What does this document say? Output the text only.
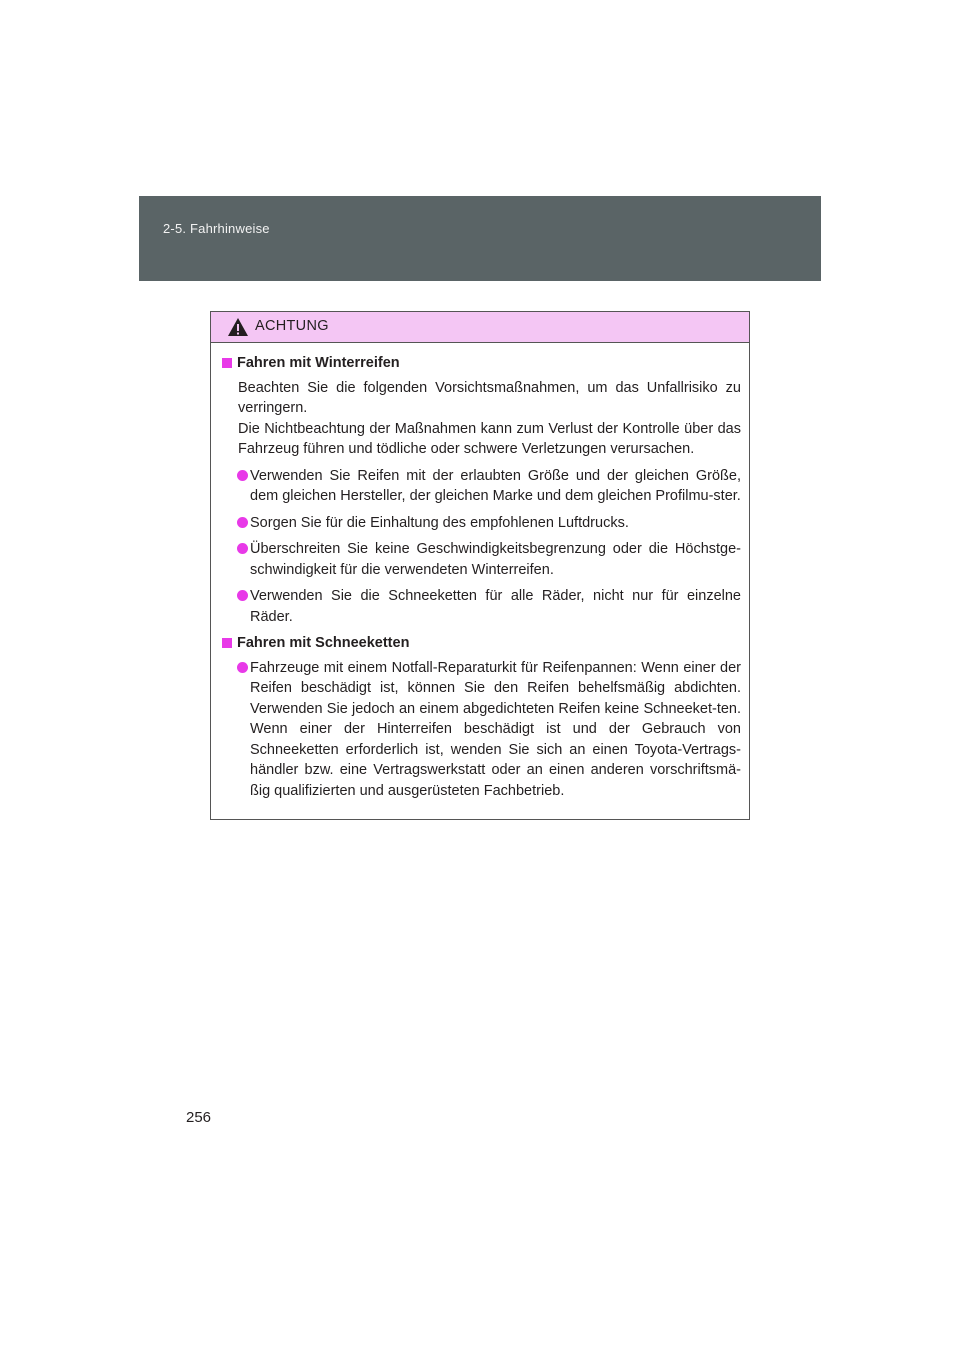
2-5. Fahrhinweise
ACHTUNG
Fahren mit Winterreifen
Beachten Sie die folgenden Vorsichtsmaßnahmen, um das Unfallrisiko zu verringern.
Die Nichtbeachtung der Maßnahmen kann zum Verlust der Kontrolle über das Fahrzeug führen und tödliche oder schwere Verletzungen verursachen.
Verwenden Sie Reifen mit der erlaubten Größe und der gleichen Größe, dem gleichen Hersteller, der gleichen Marke und dem gleichen Profilmu-ster.
Sorgen Sie für die Einhaltung des empfohlenen Luftdrucks.
Überschreiten Sie keine Geschwindigkeitsbegrenzung oder die Höchstge-schwindigkeit für die verwendeten Winterreifen.
Verwenden Sie die Schneeketten für alle Räder, nicht nur für einzelne Räder.
Fahren mit Schneeketten
Fahrzeuge mit einem Notfall-Reparaturkit für Reifenpannen: Wenn einer der Reifen beschädigt ist, können Sie den Reifen behelfsmäßig abdichten. Verwenden Sie jedoch an einem abgedichteten Reifen keine Schneeket-ten. Wenn einer der Hinterreifen beschädigt ist und der Gebrauch von Schneeketten erforderlich ist, wenden Sie sich an einen Toyota-Vertrags-händler bzw. eine Vertragswerkstatt oder an einen anderen vorschriftsmä-ßig qualifizierten und ausgerüsteten Fachbetrieb.
256
